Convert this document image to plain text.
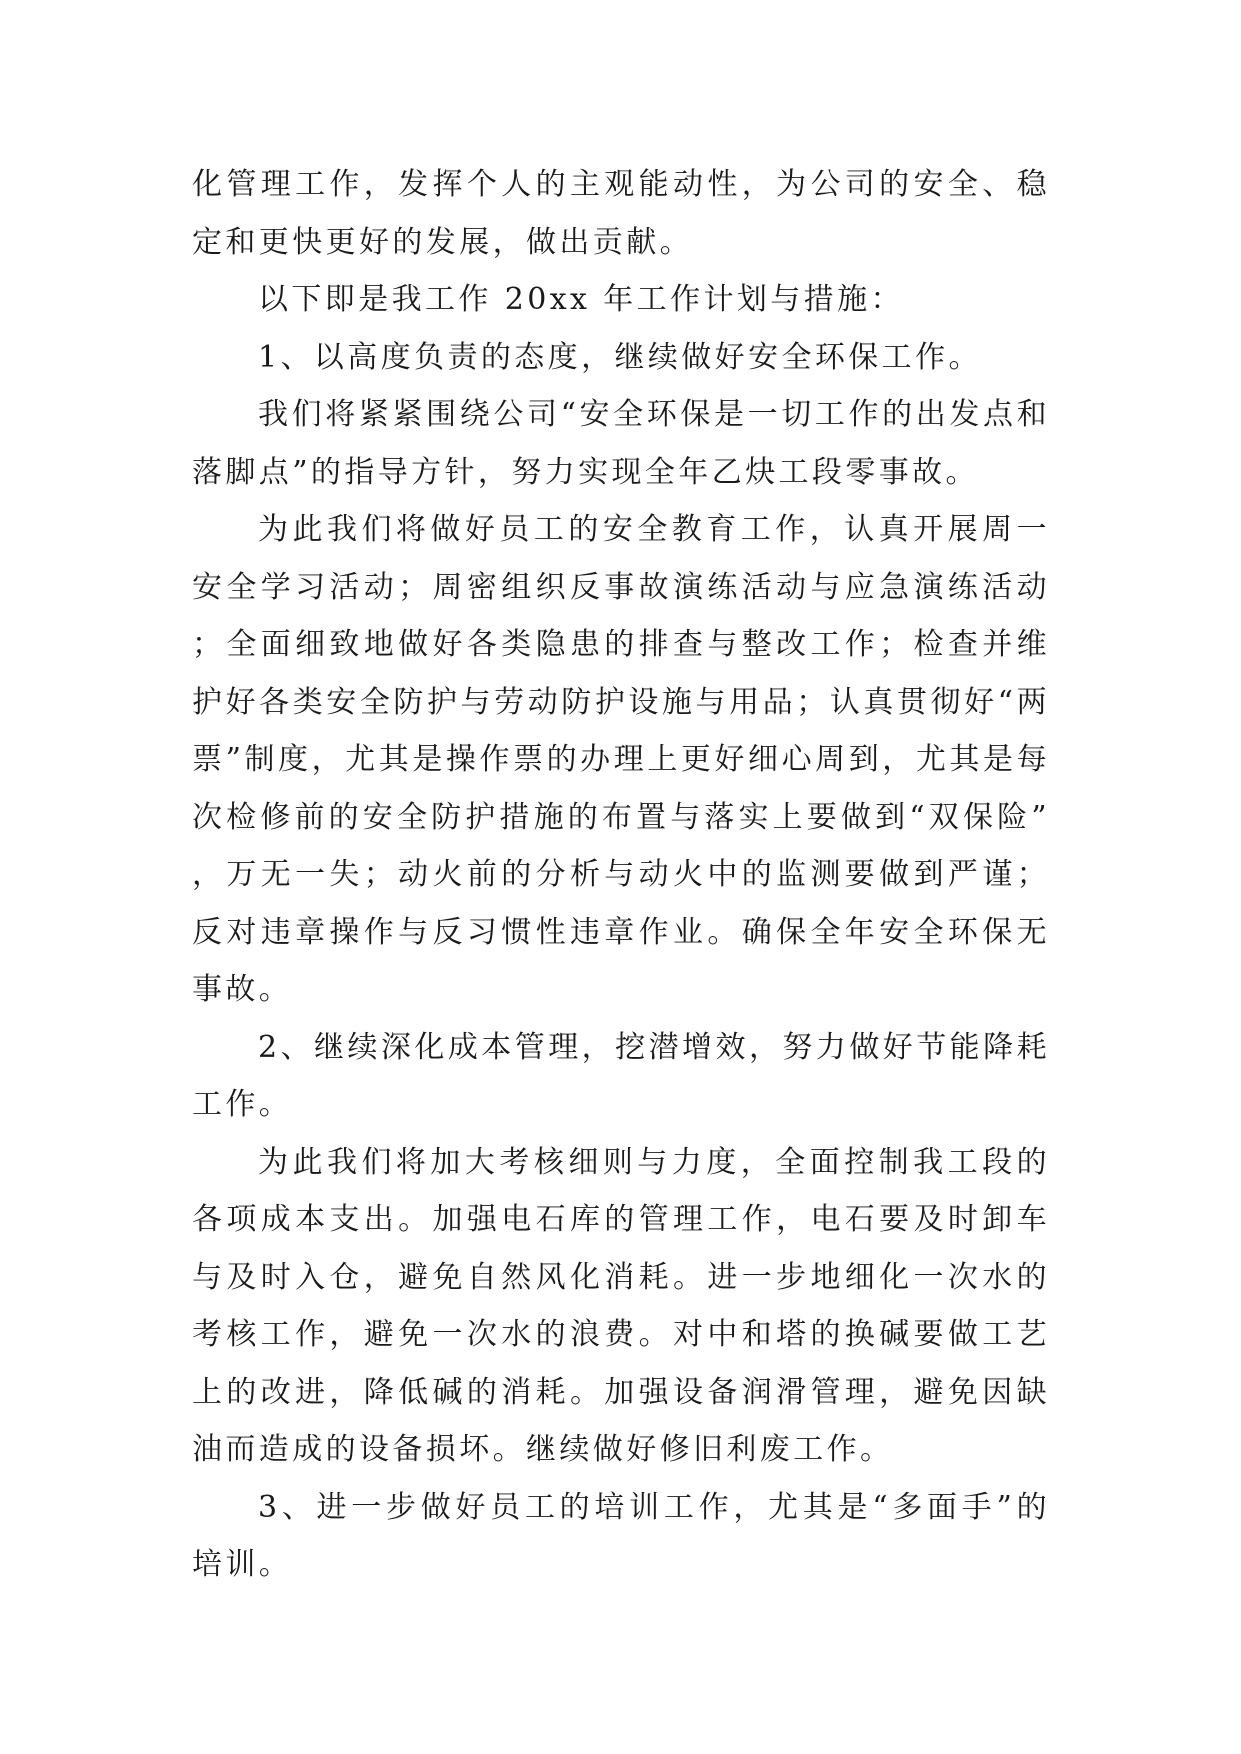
化管理工作，发挥个人的主观能动性，为公司的安全、稳定和更快更好的发展，做出贡献。

以下即是我工作 20xx 年工作计划与措施：

1、以高度负责的态度，继续做好安全环保工作。

我们将紧紧围绕公司“安全环保是一切工作的出发点和落脚点”的指导方针，努力实现全年乙炔工段零事故。

为此我们将做好员工的安全教育工作，认真开展周一安全学习活动；周密组织反事故演练活动与应急演练活动；全面细致地做好各类隐患的排查与整改工作；检查并维护好各类安全防护与劳动防护设施与用品；认真贯彻好“两票”制度，尤其是操作票的办理上更好细心周到，尤其是每次检修前的安全防护措施的布置与落实上要做到“双保险”，万无一失；动火前的分析与动火中的监测要做到严谨；反对违章操作与反习惯性违章作业。确保全年安全环保无事故。

2、继续深化成本管理，挖潜增效，努力做好节能降耗工作。

为此我们将加大考核细则与力度，全面控制我工段的各项成本支出。加强电石库的管理工作，电石要及时卸车与及时入仓，避免自然风化消耗。进一步地细化一次水的考核工作，避免一次水的浪费。对中和塔的换碱要做工艺上的改进，降低碱的消耗。加强设备润滑管理，避免因缺油而造成的设备损坏。继续做好修旧利废工作。

3、进一步做好员工的培训工作，尤其是“多面手”的培训。
